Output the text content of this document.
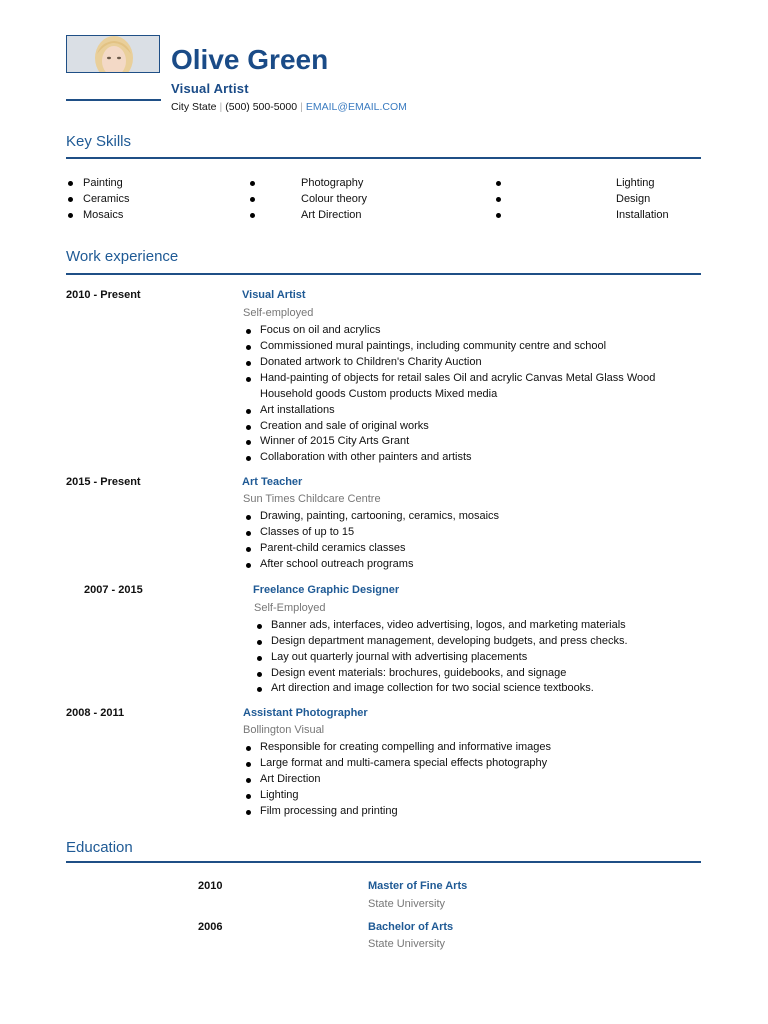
Olive Green
Visual Artist
City State | (500) 500-5000 | EMAIL@EMAIL.COM
Key Skills
Painting	Photography	Lighting
Ceramics	Colour theory	Design
Mosaics	Art Direction	Installation
Work experience
2010 - Present	Visual Artist
Self-employed
Focus on oil and acrylics
Commissioned mural paintings, including community centre and school
Donated artwork to Children's Charity Auction
Hand-painting of objects for retail sales Oil and acrylic Canvas Metal Glass Wood
Household goods Custom products Mixed media
Art installations
Creation and sale of original works
Winner of 2015 City Arts Grant
Collaboration with other painters and artists
2015 - Present	Art Teacher
Sun Times Childcare Centre
Drawing, painting, cartooning, ceramics, mosaics
Classes of up to 15
Parent-child ceramics classes
After school outreach programs
2007 - 2015	Freelance Graphic Designer
Self-Employed
Banner ads, interfaces, video advertising, logos, and marketing materials
Design department management, developing budgets, and press checks.
Lay out quarterly journal with advertising placements
Design event materials: brochures, guidebooks, and signage
Art direction and image collection for two social science textbooks.
2008 - 2011	Assistant Photographer
Bollington Visual
Responsible for creating compelling and informative images
Large format and multi-camera special effects photography
Art Direction
Lighting
Film processing and printing
Education
2010	Master of Fine Arts
State University
2006	Bachelor of Arts
State University
